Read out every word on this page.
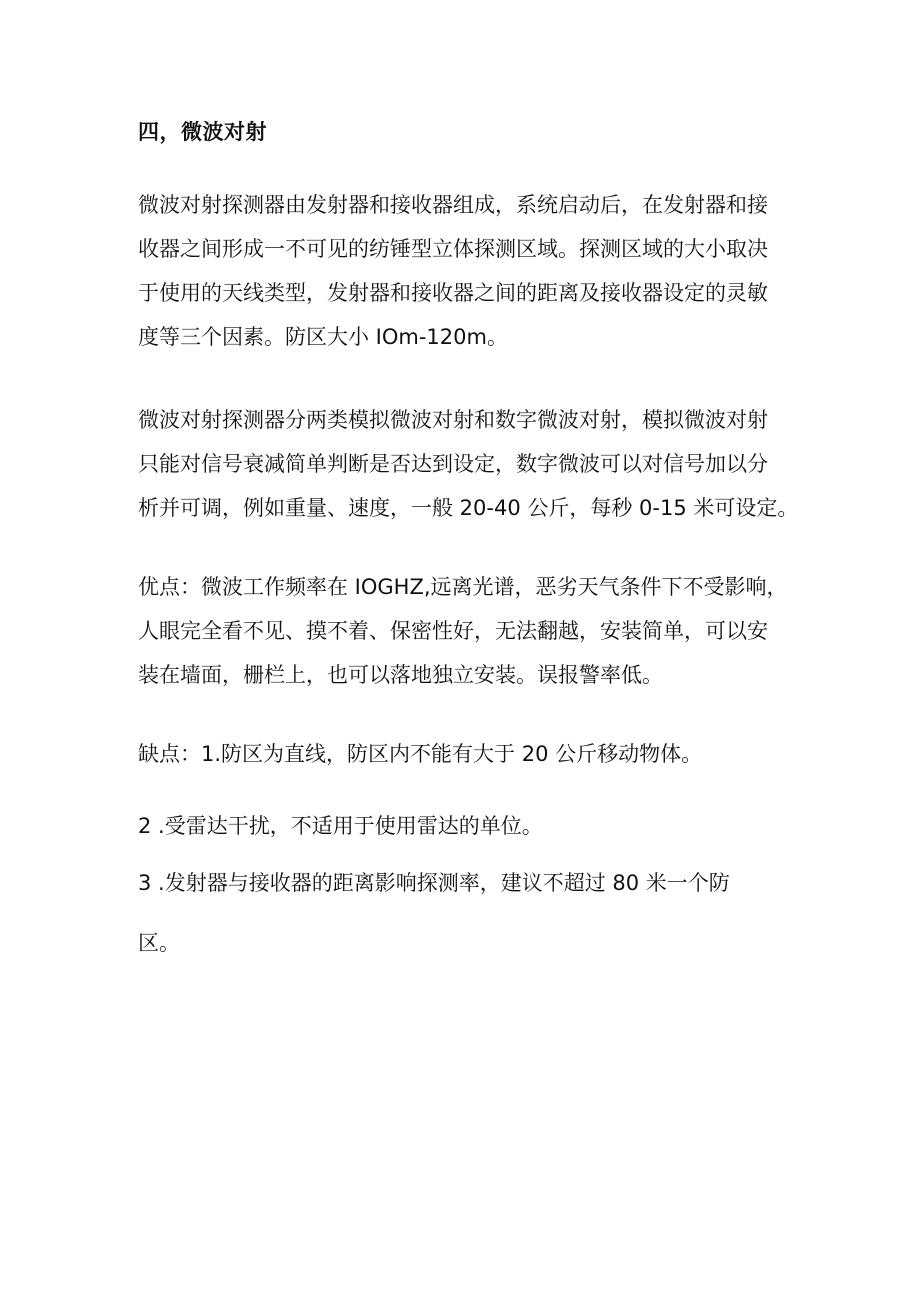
四，微波对射
微波对射探测器由发射器和接收器组成，系统启动后，在发射器和接
收器之间形成一不可见的纺锤型立体探测区域。探测区域的大小取决
于使用的天线类型，发射器和接收器之间的距离及接收器设定的灵敏
度等三个因素。防区大小 IOm-120m。
微波对射探测器分两类模拟微波对射和数字微波对射，模拟微波对射
只能对信号衰减简单判断是否达到设定，数字微波可以对信号加以分
析并可调，例如重量、速度，一般 20-40 公斤，每秒 0-15 米可设定。
优点：微波工作频率在 IOGHZ,远离光谱，恶劣天气条件下不受影响，
人眼完全看不见、摸不着、保密性好，无法翻越，安装简单，可以安
装在墙面，栅栏上，也可以落地独立安装。误报警率低。
缺点：1.防区为直线，防区内不能有大于 20 公斤移动物体。
2 .受雷达干扰，不适用于使用雷达的单位。
3 .发射器与接收器的距离影响探测率，建议不超过 80 米一个防
区。
